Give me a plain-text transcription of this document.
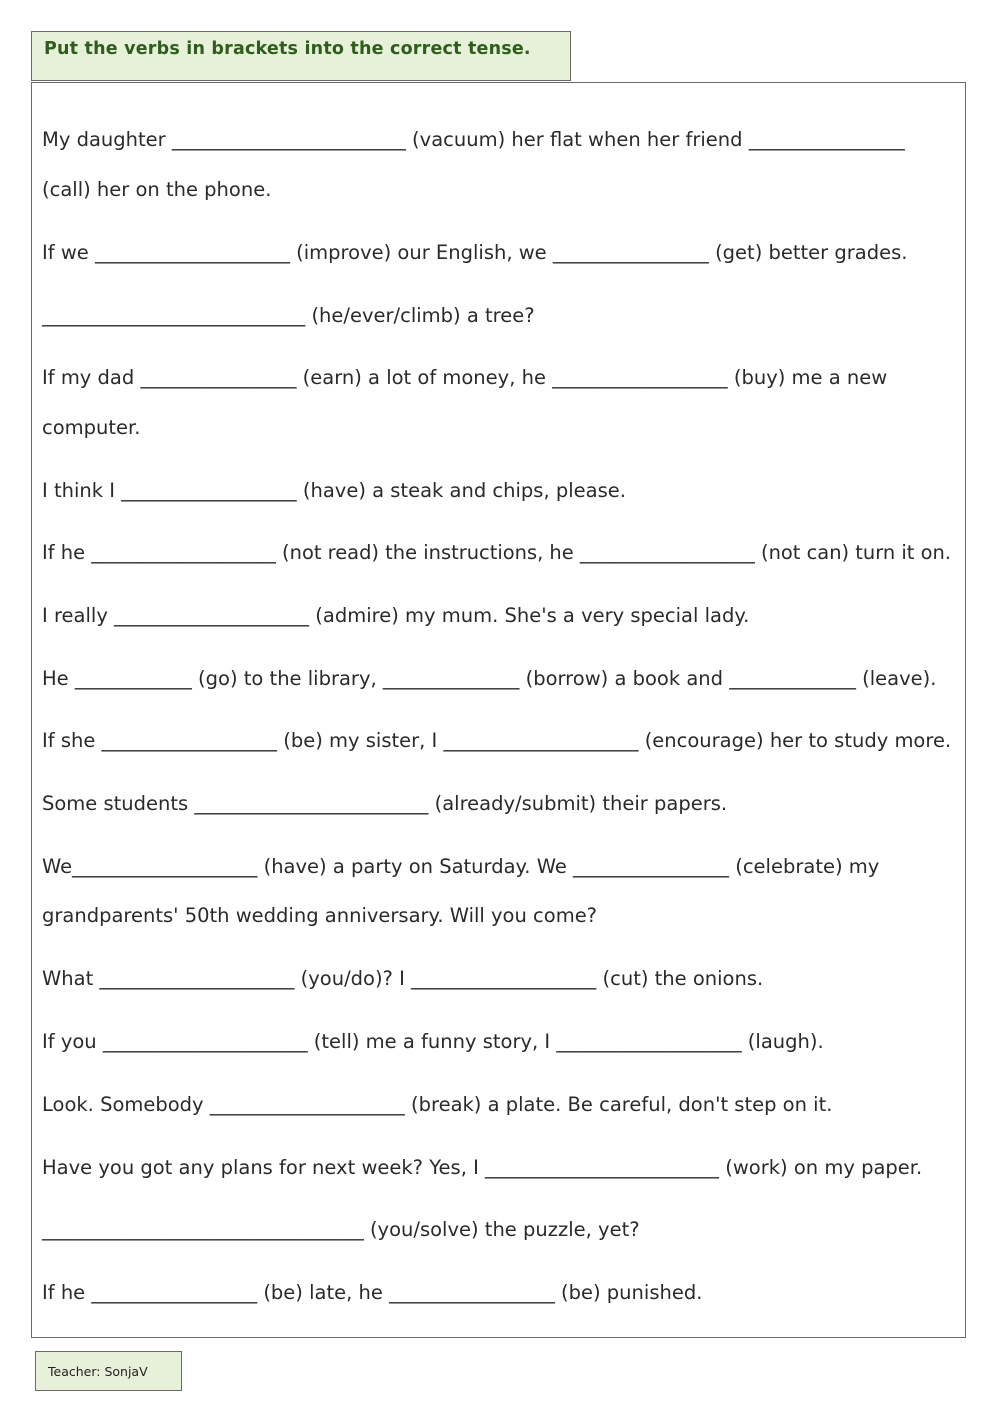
Put the verbs in brackets into the correct tense.
My daughter ________________________ (vacuum) her flat when her friend ________________
(call) her on the phone.
If we ____________________ (improve) our English, we ________________ (get) better grades.
___________________________ (he/ever/climb) a tree?
If my dad ________________ (earn) a lot of money, he __________________ (buy) me a new
computer.
I think I __________________ (have) a steak and chips, please.
If he ___________________ (not read) the instructions, he __________________ (not can) turn it on.
I really ____________________ (admire) my mum. She's a very special lady.
He ____________ (go) to the library, ______________ (borrow) a book and _____________ (leave).
If she __________________ (be) my sister, I ____________________ (encourage) her to study more.
Some students ________________________ (already/submit) their papers.
We___________________ (have) a party on Saturday. We ________________ (celebrate) my
grandparents' 50th wedding anniversary. Will you come?
What ____________________ (you/do)? I ___________________ (cut) the onions.
If you _____________________ (tell) me a funny story, I ___________________ (laugh).
Look. Somebody ____________________ (break) a plate. Be careful, don't step on it.
Have you got any plans for next week? Yes, I ________________________ (work) on my paper.
_________________________________ (you/solve) the puzzle, yet?
If he _________________ (be) late, he _________________ (be) punished.
Teacher: SonjaV
